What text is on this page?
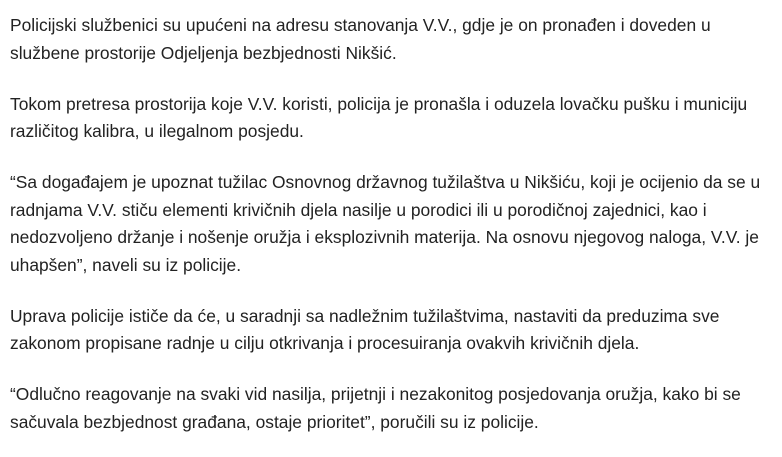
Policijski službenici su upućeni na adresu stanovanja V.V., gdje je on pronađen i doveden u službene prostorije Odjeljenja bezbjednosti Nikšić.

Tokom pretresa prostorija koje V.V. koristi, policija je pronašla i oduzela lovačku pušku i municiju različitog kalibra, u ilegalnom posjedu.

“Sa događajem je upoznat tužilac Osnovnog državnog tužilaštva u Nikšiću, koji je ocijenio da se u radnjama V.V. stiču elementi krivičnih djela nasilje u porodici ili u porodičnoj zajednici, kao i nedozvoljeno držanje i nošenje oružja i eksplozivnih materija. Na osnovu njegovog naloga, V.V. je uhapšen”, naveli su iz policije.

Uprava policije ističe da će, u saradnji sa nadležnim tužilaštvima, nastaviti da preduzima sve zakonom propisane radnje u cilju otkrivanja i procesuiranja ovakvih krivičnih djela.

“Odlučno reagovanje na svaki vid nasilja, prijetnji i nezakonitog posjedovanja oružja, kako bi se sačuvala bezbjednost građana, ostaje prioritet”, poručili su iz policije.
